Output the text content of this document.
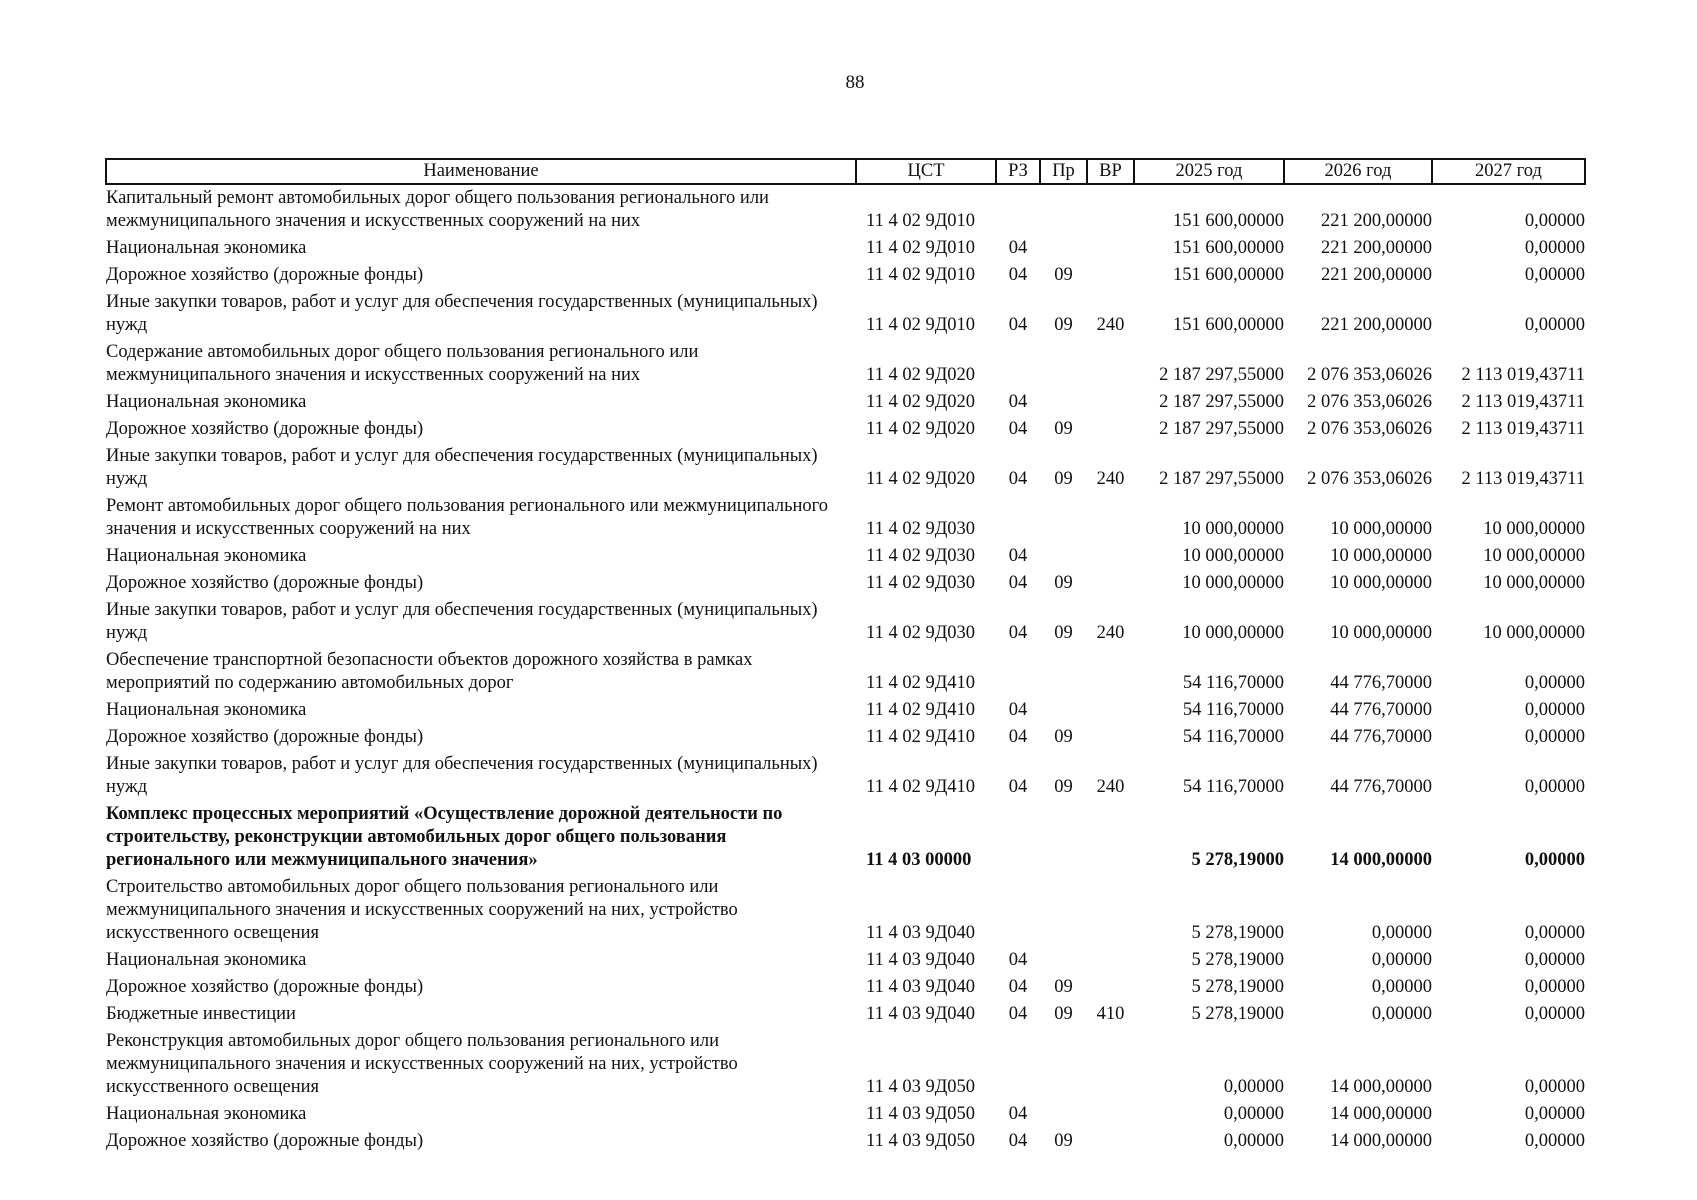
88
Наименование	ЦСТ	РЗ	Пр	ВР	2025 год	2026 год	2027 год
Капитальный ремонт автомобильных дорог общего пользования регионального или межмуниципального значения и искусственных сооружений на них	11 4 02 9Д010				151 600,00000	221 200,00000	0,00000
Национальная экономика	11 4 02 9Д010	04			151 600,00000	221 200,00000	0,00000
Дорожное хозяйство (дорожные фонды)	11 4 02 9Д010	04	09		151 600,00000	221 200,00000	0,00000
Иные закупки товаров, работ и услуг для обеспечения государственных (муниципальных) нужд	11 4 02 9Д010	04	09	240	151 600,00000	221 200,00000	0,00000
Содержание автомобильных дорог общего пользования регионального или межмуниципального значения и искусственных сооружений на них	11 4 02 9Д020				2 187 297,55000	2 076 353,06026	2 113 019,43711
Национальная экономика	11 4 02 9Д020	04			2 187 297,55000	2 076 353,06026	2 113 019,43711
Дорожное хозяйство (дорожные фонды)	11 4 02 9Д020	04	09		2 187 297,55000	2 076 353,06026	2 113 019,43711
Иные закупки товаров, работ и услуг для обеспечения государственных (муниципальных) нужд	11 4 02 9Д020	04	09	240	2 187 297,55000	2 076 353,06026	2 113 019,43711
Ремонт автомобильных дорог общего пользования регионального или межмуниципального значения и искусственных сооружений на них	11 4 02 9Д030				10 000,00000	10 000,00000	10 000,00000
Национальная экономика	11 4 02 9Д030	04			10 000,00000	10 000,00000	10 000,00000
Дорожное хозяйство (дорожные фонды)	11 4 02 9Д030	04	09		10 000,00000	10 000,00000	10 000,00000
Иные закупки товаров, работ и услуг для обеспечения государственных (муниципальных) нужд	11 4 02 9Д030	04	09	240	10 000,00000	10 000,00000	10 000,00000
Обеспечение транспортной безопасности объектов дорожного хозяйства в рамках мероприятий по содержанию автомобильных дорог	11 4 02 9Д410				54 116,70000	44 776,70000	0,00000
Национальная экономика	11 4 02 9Д410	04			54 116,70000	44 776,70000	0,00000
Дорожное хозяйство (дорожные фонды)	11 4 02 9Д410	04	09		54 116,70000	44 776,70000	0,00000
Иные закупки товаров, работ и услуг для обеспечения государственных (муниципальных) нужд	11 4 02 9Д410	04	09	240	54 116,70000	44 776,70000	0,00000
Комплекс процессных мероприятий «Осуществление дорожной деятельности по строительству, реконструкции автомобильных дорог общего пользования регионального или межмуниципального значения»	11 4 03 00000				5 278,19000	14 000,00000	0,00000
Строительство автомобильных дорог общего пользования регионального или межмуниципального значения и искусственных сооружений на них, устройство искусственного освещения	11 4 03 9Д040				5 278,19000	0,00000	0,00000
Национальная экономика	11 4 03 9Д040	04			5 278,19000	0,00000	0,00000
Дорожное хозяйство (дорожные фонды)	11 4 03 9Д040	04	09		5 278,19000	0,00000	0,00000
Бюджетные инвестиции	11 4 03 9Д040	04	09	410	5 278,19000	0,00000	0,00000
Реконструкция автомобильных дорог общего пользования регионального или межмуниципального значения и искусственных сооружений на них, устройство искусственного освещения	11 4 03 9Д050				0,00000	14 000,00000	0,00000
Национальная экономика	11 4 03 9Д050	04			0,00000	14 000,00000	0,00000
Дорожное хозяйство (дорожные фонды)	11 4 03 9Д050	04	09		0,00000	14 000,00000	0,00000
